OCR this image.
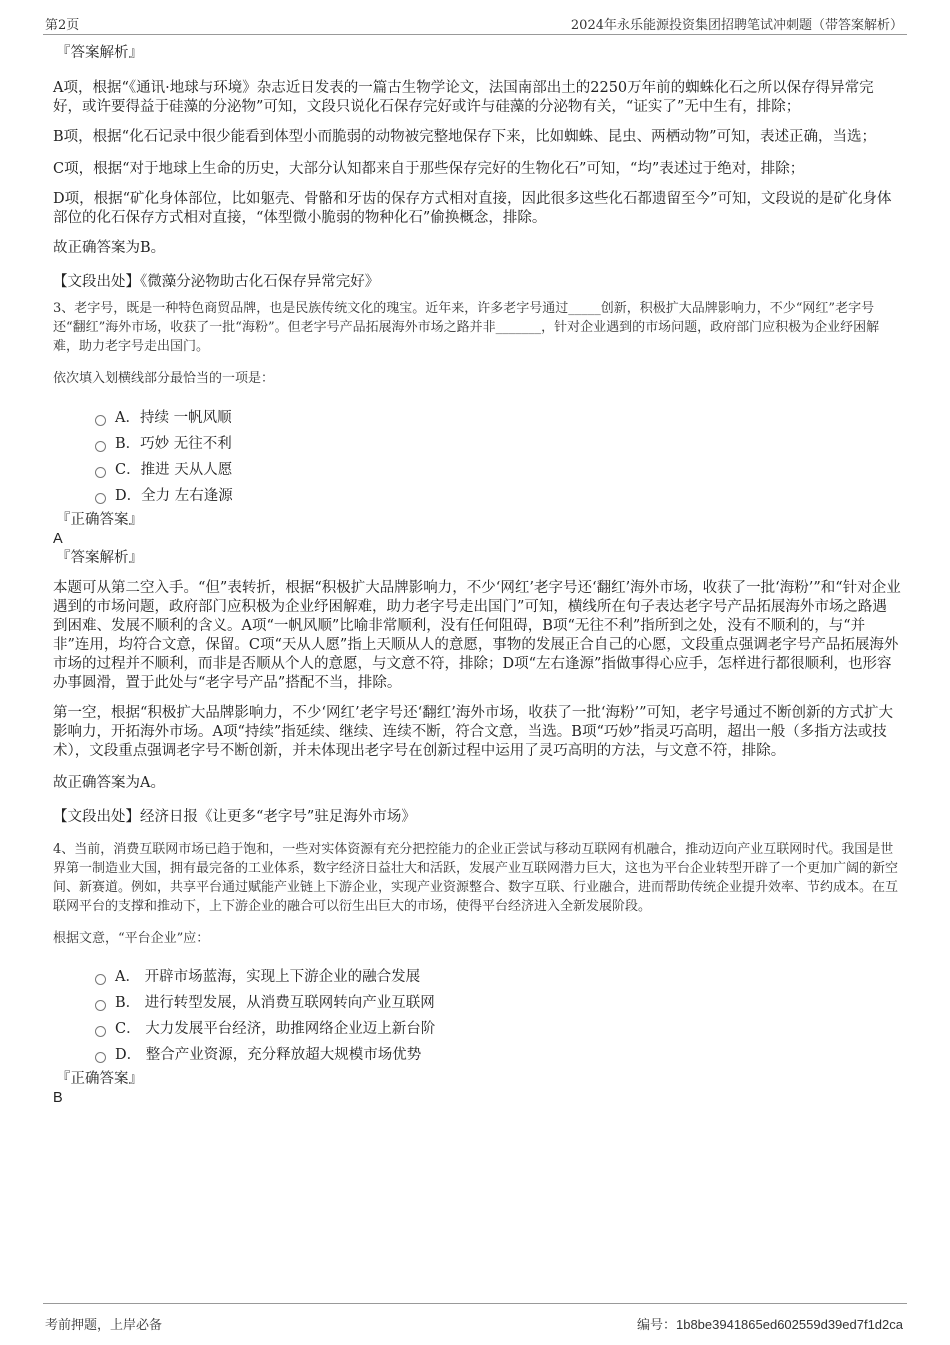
第2页	2024年永乐能源投资集团招聘笔试冲刺题（带答案解析）

『答案解析』

A项，根据“《通讯·地球与环境》杂志近日发表的一篇古生物学论文，法国南部出土的2250万年前的蜘蛛化石之所以保存得异常完好，或许要得益于硅藻的分泌物”可知，文段只说化石保存完好或许与硅藻的分泌物有关，“证实了”无中生有，排除；

B项，根据“化石记录中很少能看到体型小而脆弱的动物被完整地保存下来，比如蜘蛛、昆虫、两栖动物”可知，表述正确，当选；

C项，根据“对于地球上生命的历史，大部分认知都来自于那些保存完好的生物化石”可知，“均”表述过于绝对，排除；

D项，根据“矿化身体部位，比如躯壳、骨骼和牙齿的保存方式相对直接，因此很多这些化石都遗留至今”可知，文段说的是矿化身体部位的化石保存方式相对直接，“体型微小脆弱的物种化石”偷换概念，排除。

故正确答案为B。

【文段出处】《微藻分泌物助古化石保存异常完好》

3、老字号，既是一种特色商贸品牌，也是民族传统文化的瑰宝。近年来，许多老字号通过_____创新，积极扩大品牌影响力，不少“网红”老字号还“翻红”海外市场，收获了一批“海粉”。但老字号产品拓展海外市场之路并非_______，针对企业遇到的市场问题，政府部门应积极为企业纾困解难，助力老字号走出国门。

依次填入划横线部分最恰当的一项是：

A．持续 一帆风顺
B．巧妙 无往不利
C．推进 天从人愿
D．全力 左右逢源

『正确答案』

A

『答案解析』

本题可从第二空入手。“但”表转折，根据“积极扩大品牌影响力，不少‘网红’老字号还‘翻红’海外市场，收获了一批‘海粉’”和“针对企业遇到的市场问题，政府部门应积极为企业纾困解难，助力老字号走出国门”可知，横线所在句子表达老字号产品拓展海外市场之路遇到困难、发展不顺利的含义。A项“一帆风顺”比喻非常顺利，没有任何阻碍，B项“无往不利”指所到之处，没有不顺利的，与“并非”连用，均符合文意，保留。C项“天从人愿”指上天顺从人的意愿，事物的发展正合自己的心愿，文段重点强调老字号产品拓展海外市场的过程并不顺利，而非是否顺从个人的意愿，与文意不符，排除；D项“左右逢源”指做事得心应手，怎样进行都很顺利，也形容办事圆滑，置于此处与“老字号产品”搭配不当，排除。

第一空，根据“积极扩大品牌影响力，不少‘网红’老字号还‘翻红’海外市场，收获了一批‘海粉’”可知，老字号通过不断创新的方式扩大影响力，开拓海外市场。A项“持续”指延续、继续、连续不断，符合文意，当选。B项“巧妙”指灵巧高明，超出一般（多指方法或技术），文段重点强调老字号不断创新，并未体现出老字号在创新过程中运用了灵巧高明的方法，与文意不符，排除。

故正确答案为A。

【文段出处】经济日报《让更多“老字号”驻足海外市场》

4、当前，消费互联网市场已趋于饱和，一些对实体资源有充分把控能力的企业正尝试与移动互联网有机融合，推动迈向产业互联网时代。我国是世界第一制造业大国，拥有最完备的工业体系，数字经济日益壮大和活跃，发展产业互联网潜力巨大，这也为平台企业转型开辟了一个更加广阔的新空间、新赛道。例如，共享平台通过赋能产业链上下游企业，实现产业资源整合、数字互联、行业融合，进而帮助传统企业提升效率、节约成本。在互联网平台的支撑和推动下，上下游企业的融合可以衍生出巨大的市场，使得平台经济进入全新发展阶段。

根据文意，“平台企业”应：

A． 开辟市场蓝海，实现上下游企业的融合发展
B． 进行转型发展，从消费互联网转向产业互联网
C． 大力发展平台经济，助推网络企业迈上新台阶
D． 整合产业资源，充分释放超大规模市场优势

『正确答案』

B

考前押题，上岸必备	编号：1b8be3941865ed602559d39ed7f1d2ca
